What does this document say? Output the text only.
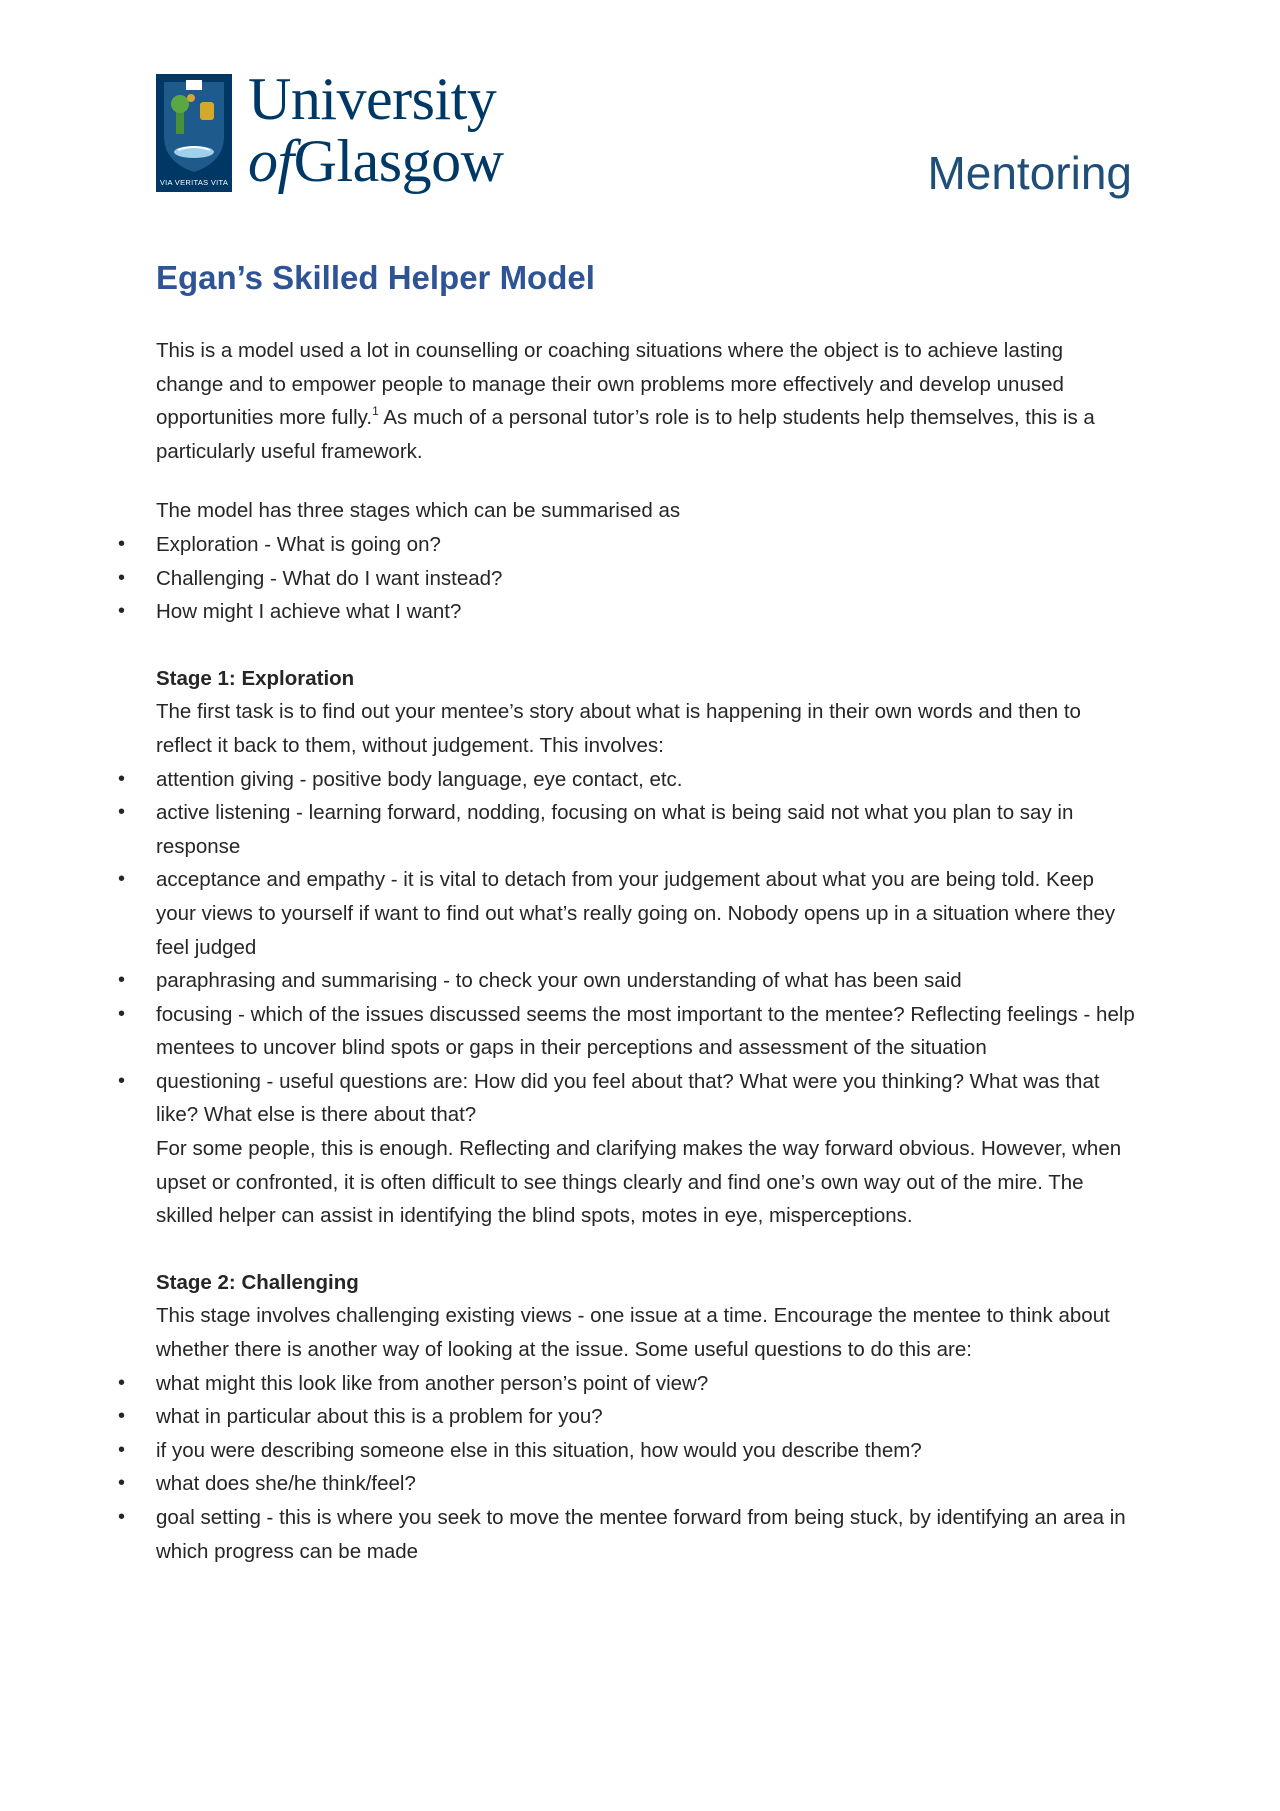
VIA VERITAS VITA
University
ofGlasgow	Mentoring
Egan’s Skilled Helper Model

This is a model used a lot in counselling or coaching situations where the object is to achieve lasting change and to empower people to manage their own problems more effectively and develop unused opportunities more fully.$^1$ As much of a personal tutor’s role is to help students help themselves, this is a particularly useful framework.

The model has three stages which can be summarised as

• Exploration - What is going on?
• Challenging - What do I want instead?
• How might I achieve what I want?

Stage 1: Exploration

The first task is to find out your mentee’s story about what is happening in their own words and then to reflect it back to them, without judgement. This involves:

• attention giving - positive body language, eye contact, etc.
• active listening - learning forward, nodding, focusing on what is being said not what you plan to say in response
• acceptance and empathy - it is vital to detach from your judgement about what you are being told. Keep your views to yourself if want to find out what’s really going on. Nobody opens up in a situation where they feel judged
• paraphrasing and summarising - to check your own understanding of what has been said
• focusing - which of the issues discussed seems the most important to the mentee? Reflecting feelings - help mentees to uncover blind spots or gaps in their perceptions and assessment of the situation
• questioning - useful questions are: How did you feel about that? What were you thinking? What was that like? What else is there about that?

For some people, this is enough. Reflecting and clarifying makes the way forward obvious. However, when upset or confronted, it is often difficult to see things clearly and find one’s own way out of the mire. The skilled helper can assist in identifying the blind spots, motes in eye, misperceptions.

Stage 2: Challenging

This stage involves challenging existing views - one issue at a time. Encourage the mentee to think about whether there is another way of looking at the issue. Some useful questions to do this are:

• what might this look like from another person’s point of view?
• what in particular about this is a problem for you?
• if you were describing someone else in this situation, how would you describe them?
• what does she/he think/feel?
• goal setting - this is where you seek to move the mentee forward from being stuck, by identifying an area in which progress can be made
